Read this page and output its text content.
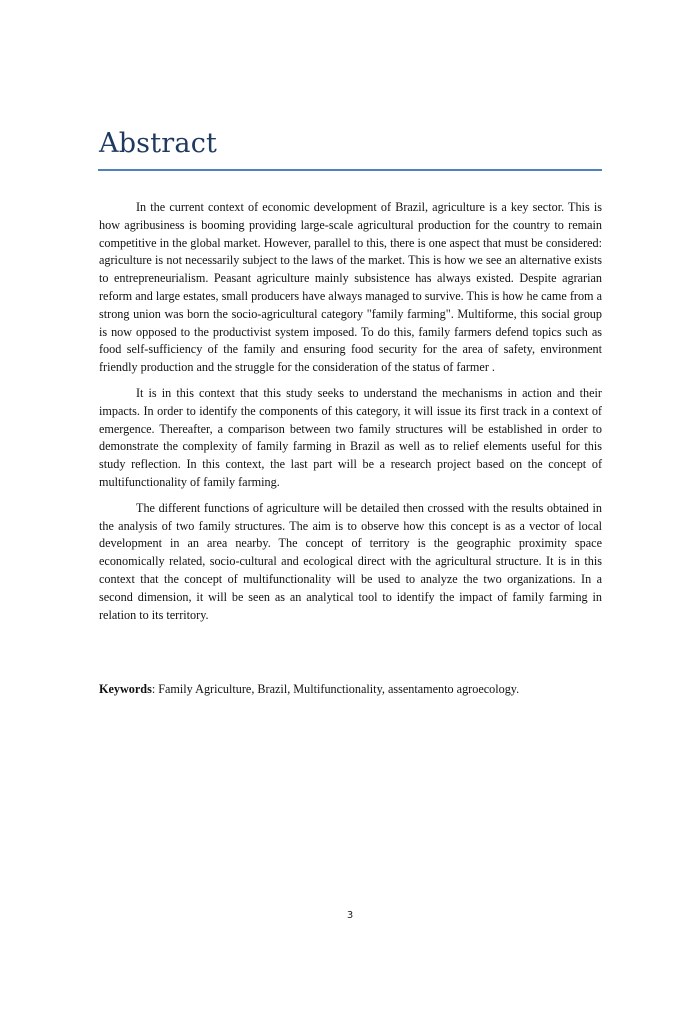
Abstract

In the current context of economic development of Brazil, agriculture is a key sector. This is how agribusiness is booming providing large-scale agricultural production for the country to remain competitive in the global market. However, parallel to this, there is one aspect that must be considered: agriculture is not necessarily subject to the laws of the market. This is how we see an alternative exists to entrepreneurialism. Peasant agriculture mainly subsistence has always existed. Despite agrarian reform and large estates, small producers have always managed to survive. This is how he came from a strong union was born the socio-agricultural category "family farming". Multiforme, this social group is now opposed to the productivist system imposed. To do this, family farmers defend topics such as food self-sufficiency of the family and ensuring food security for the area of safety, environment friendly production and the struggle for the consideration of the status of farmer .

It is in this context that this study seeks to understand the mechanisms in action and their impacts. In order to identify the components of this category, it will issue its first track in a context of emergence. Thereafter, a comparison between two family structures will be established in order to demonstrate the complexity of family farming in Brazil as well as to relief elements useful for this study reflection. In this context, the last part will be a research project based on the concept of multifunctionality of family farming.

The different functions of agriculture will be detailed then crossed with the results obtained in the analysis of two family structures. The aim is to observe how this concept is as a vector of local development in an area nearby. The concept of territory is the geographic proximity space economically related, socio-cultural and ecological direct with the agricultural structure. It is in this context that the concept of multifunctionality will be used to analyze the two organizations. In a second dimension, it will be seen as an analytical tool to identify the impact of family farming in relation to its territory.

Keywords: Family Agriculture, Brazil, Multifunctionality, assentamento agroecology.
3
